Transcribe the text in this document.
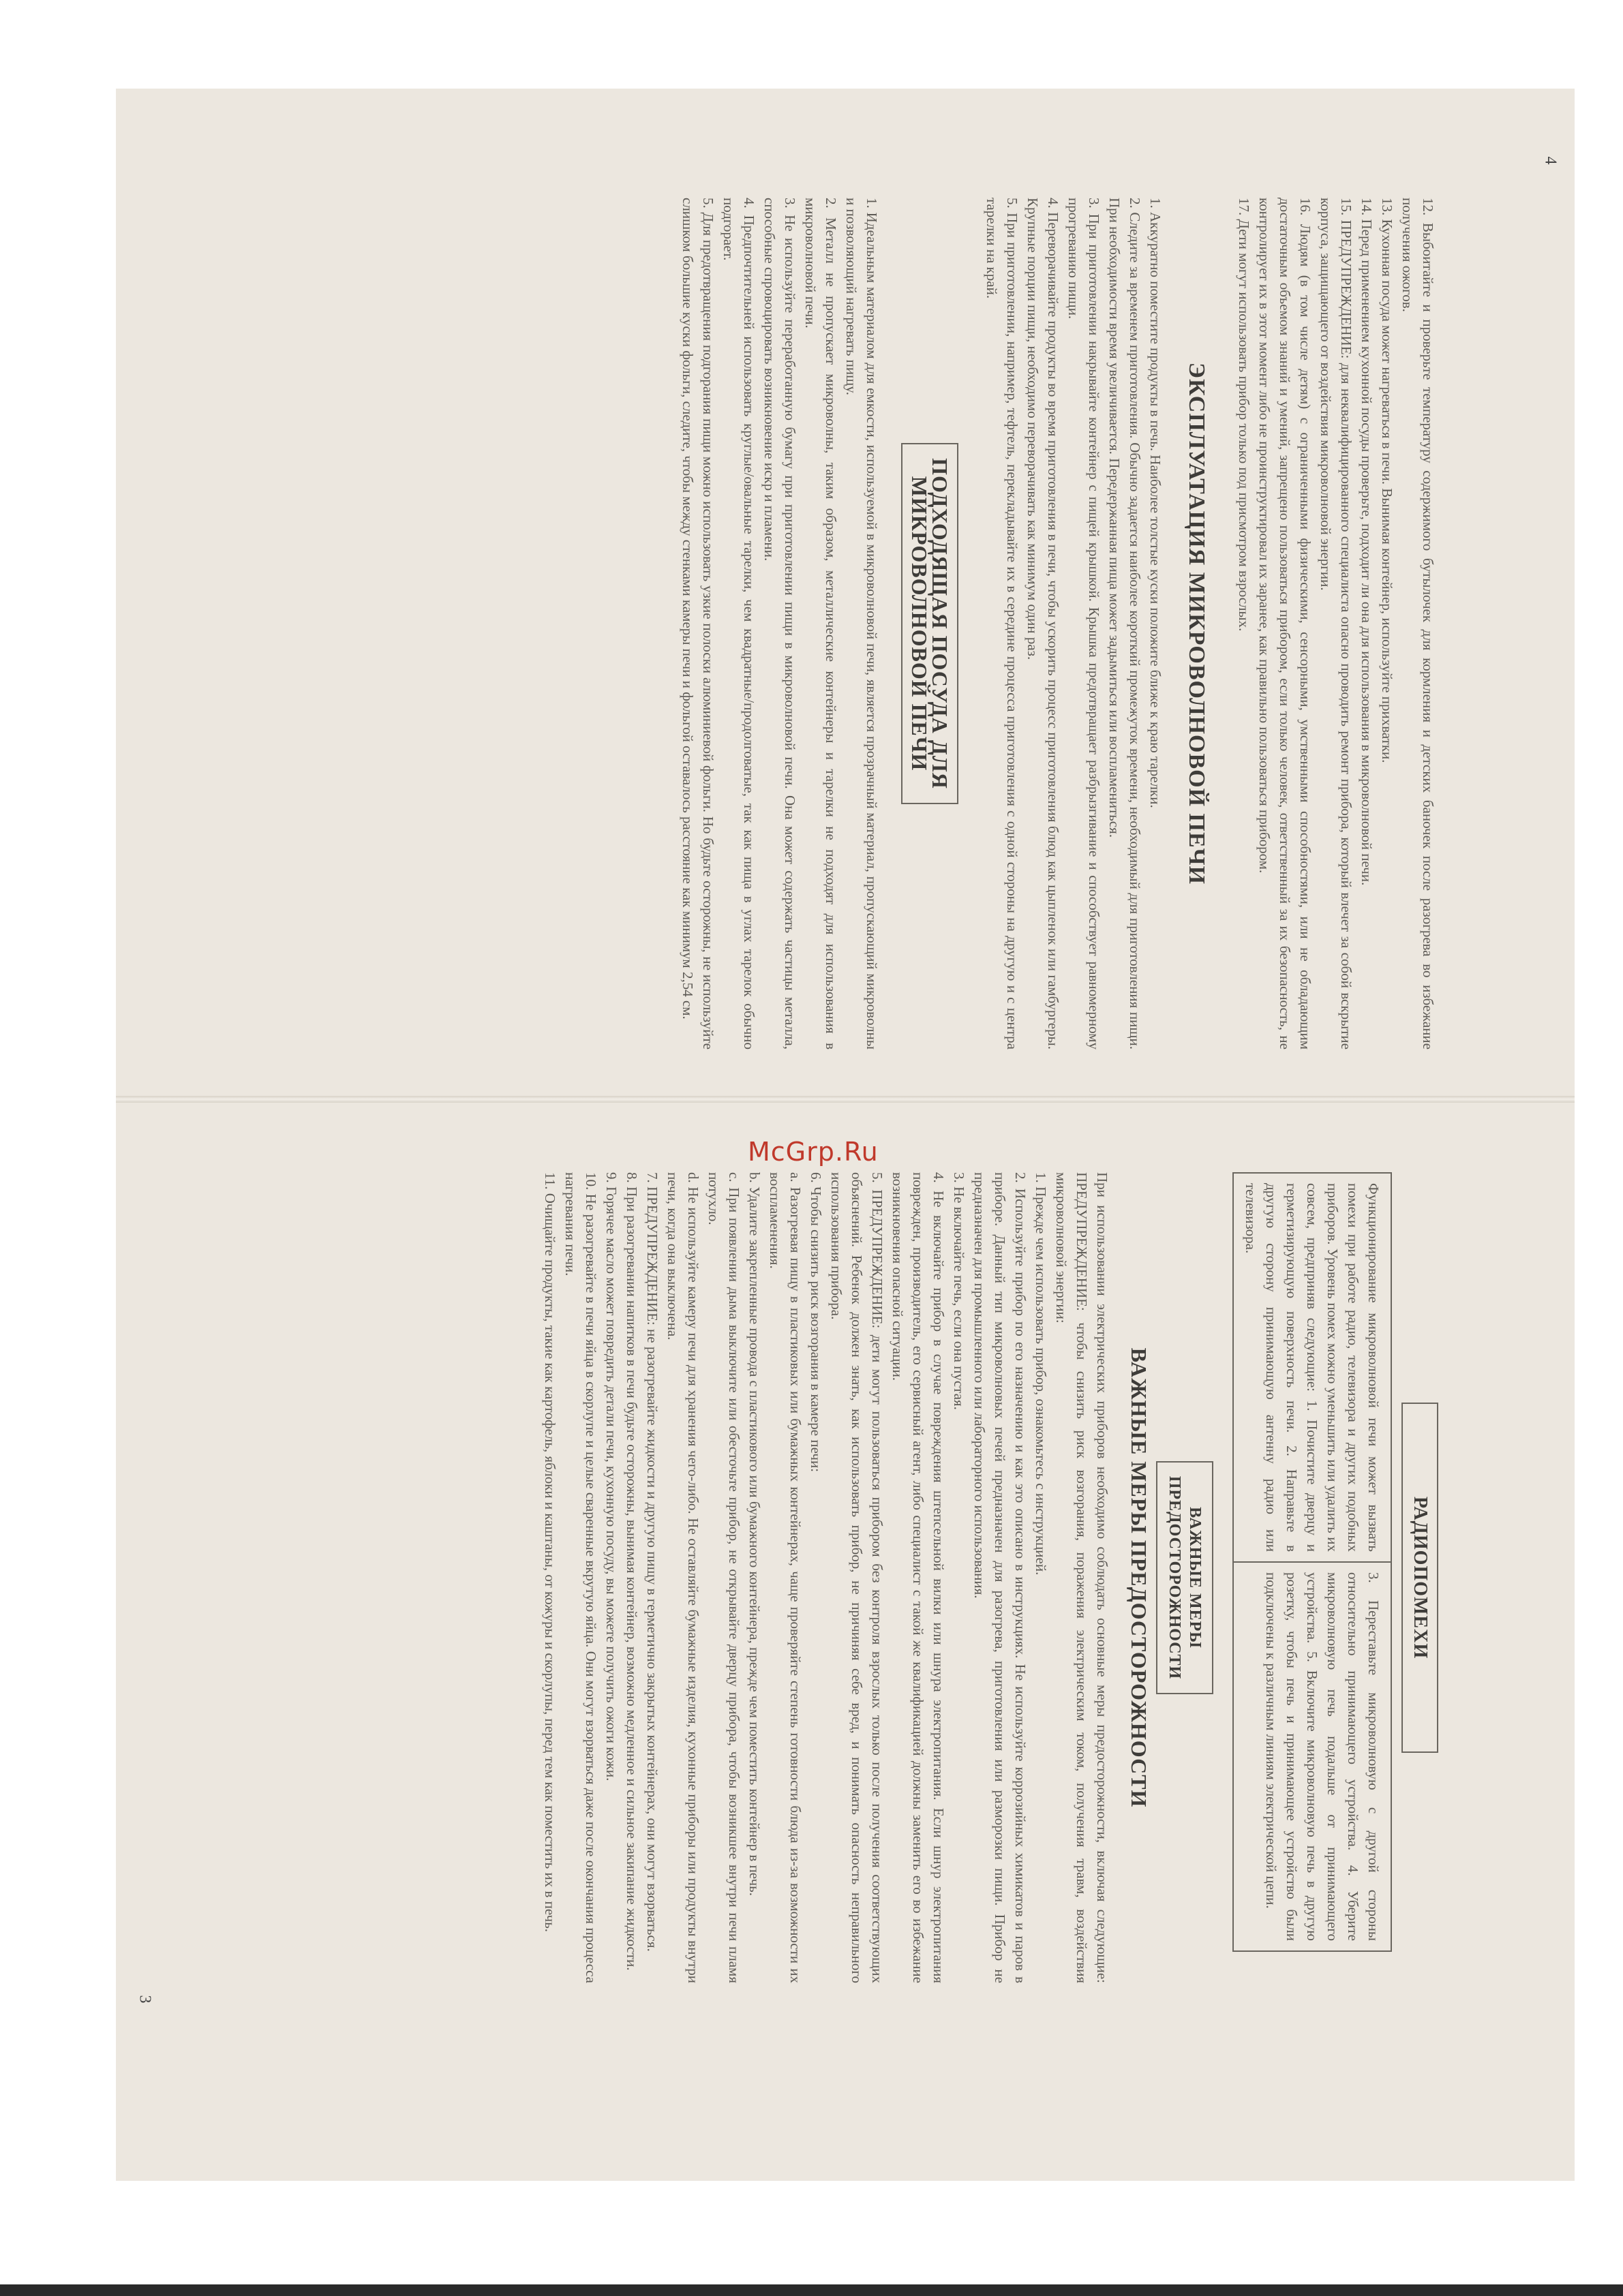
12. Выбоитайте и проверьте температуру содержимого бутылочек для кормления и детских баночек после разогрева во избежание получения ожогов.
13. Кухонная посуда может нагреваться в печи. Вынимая контейнер, используйте прихватки.
14. Перед применением кухонной посуды проверьте, подходит ли она для использования в микроволновой печи.
15. ПРЕДУПРЕЖДЕНИЕ: для неквалифицированного специалиста опасно проводить ремонт прибора, который влечет за собой вскрытие корпуса, защищающего от воздействия микроволновой энергии.
16. Людям (в том числе детям) с ограниченными физическими, сенсорными, умственными способностями, или не обладающим достаточным объемом знаний и умений, запрещено пользоваться прибором, если только человек, ответственный за их безопасность, не контролирует их в этот момент либо не проинструктировал их заранее, как правильно пользоваться прибором.
17. Дети могут использовать прибор только под присмотром взрослых.
ЭКСПЛУАТАЦИЯ МИКРОВОЛНОВОЙ ПЕЧИ
1. Аккуратно поместите продукты в печь. Наиболее толстые куски положите ближе к краю тарелки.
2. Следите за временем приготовления. Обычно задается наиболее короткий промежуток времени, необходимый для приготовления пищи. При необходимости время увеличивается. Передержанная пища может задымиться или воспламениться.
3. При приготовлении накрывайте контейнер с пищей крышкой. Крышка предотвращает разбрызгивание и способствует равномерному прогреванию пищи.
4. Переворачивайте продукты во время приготовления в печи, чтобы ускорить процесс приготовления блюд как цыпленок или гамбургеры. Крупные порции пищи, необходимо переворачивать как минимум один раз.
5. При приготовлении, например, тефтель, перекладывайте их в середине процесса приготовления с одной стороны на другую и с центра тарелки на край.
ПОДХОДЯЩАЯ ПОСУДА ДЛЯ
МИКРОВОЛНОВОЙ ПЕЧИ
1. Идеальным материалом для емкости, используемой в микроволновой печи, является прозрачный материал, пропускающий микроволны и позволяющий нагревать пищу.
2. Металл не пропускает микроволны, таким образом, металлические контейнеры и тарелки не подходят для использования в микроволновой печи.
3. Не используйте переработанную бумагу при приготовлении пищи в микроволновой печи. Она может содержать частицы металла, способные спровоцировать возникновение искр и пламени.
4. Предпочтительней использовать круглые/овальные тарелки, чем квадратные/продолговатые, так как пища в углах тарелок обычно подгорает.
5. Для предотвращения подгорания пищи можно использовать узкие полоски алюминиевой фольги. Но будьте осторожны, не используйте слишком большие куски фольги, следите, чтобы между стенками камеры печи и фольгой оставалось расстояние как минимум 2,54 см.
РАДИОПОМЕХИ
Функционирование микроволновой печи может вызвать помехи при работе радио, телевизора и других подобных приборов. Уровень помех можно уменьшить или удалить их совсем, предприняв следующие: 1. Почистите дверцу и герметизирующую поверхность печи. 2. Направьте в другую сторону принимающую антенну радио или телевизора.
3. Переставьте микроволновую с другой стороны относительно принимающего устройства. 4. Уберите микроволновую печь подальше от принимающего устройства. 5. Включите микроволновую печь в другую розетку, чтобы печь и принимающее устройство были подключены к различным линиям электрической цепи.
ВАЖНЫЕ МЕРЫ
ПРЕДОСТОРОЖНОСТИ
ВАЖНЫЕ МЕРЫ ПРЕДОСТОРОЖНОСТИ
При использовании электрических приборов необходимо соблюдать основные меры предосторожности, включая следующие: ПРЕДУПРЕЖДЕНИЕ: чтобы снизить риск возгорания, поражения электрическим током, получения травм, воздействия микроволновой энергии:
1. Прежде чем использовать прибор, ознакомьтесь с инструкцией.
2. Используйте прибор по его назначению и как это описано в инструкциях. Не используйте коррозийных химикатов и паров в приборе. Данный тип микроволновых печей предназначен для разогрева, приготовления или разморозки пищи. Прибор не предназначен для промышленного или лабораторного использования.
3. Не включайте печь, если она пустая.
4. Не включайте прибор в случае повреждения штепсельной вилки или шнура электропитания. Если шнур электропитания поврежден, производитель, его сервисный агент, либо специалист с такой же квалификацией должны заменить его во избежание возникновения опасной ситуации.
5. ПРЕДУПРЕЖДЕНИЕ: дети могут пользоваться прибором без контроля взрослых только после получения соответствующих объяснений. Ребенок должен знать, как использовать прибор, не причиняя себе вред, и понимать опасность неправильного использования прибора.
6. Чтобы снизить риск возгорания в камере печи:
a. Разогревая пищу в пластиковых или бумажных контейнерах, чаще проверяйте степень готовности блюда из-за возможности их воспламенения.
b. Удалите закрепленные провода с пластикового или бумажного контейнера, прежде чем поместить контейнер в печь.
c. При появлении дыма выключите или обесточьте прибор, не открывайте дверцу прибора, чтобы возникшее внутри печи пламя потухло.
d. Не используйте камеру печи для хранения чего-либо. Не оставляйте бумажные изделия, кухонные приборы или продукты внутри печи, когда она выключена.
7. ПРЕДУПРЕЖДЕНИЕ: не разогревайте жидкости и другую пищу в герметично закрытых контейнерах, они могут взорваться.
8. При разогревании напитков в печи будьте осторожны, вынимая контейнер, возможно медленное и сильное закипание жидкости.
9. Горячее масло может повредить детали печи, кухонную посуду, вы можете получить ожоги кожи.
10. Не разогревайте в печи яйца в скорлупе и целые сваренные вкрутую яйца. Они могут взорваться даже после окончания процесса нагревания печи.
11. Очищайте продукты, такие как картофель, яблоки и каштаны, от кожуры и скорлупы, перед тем как поместить их в печь.
McGrp.Ru
4
3
